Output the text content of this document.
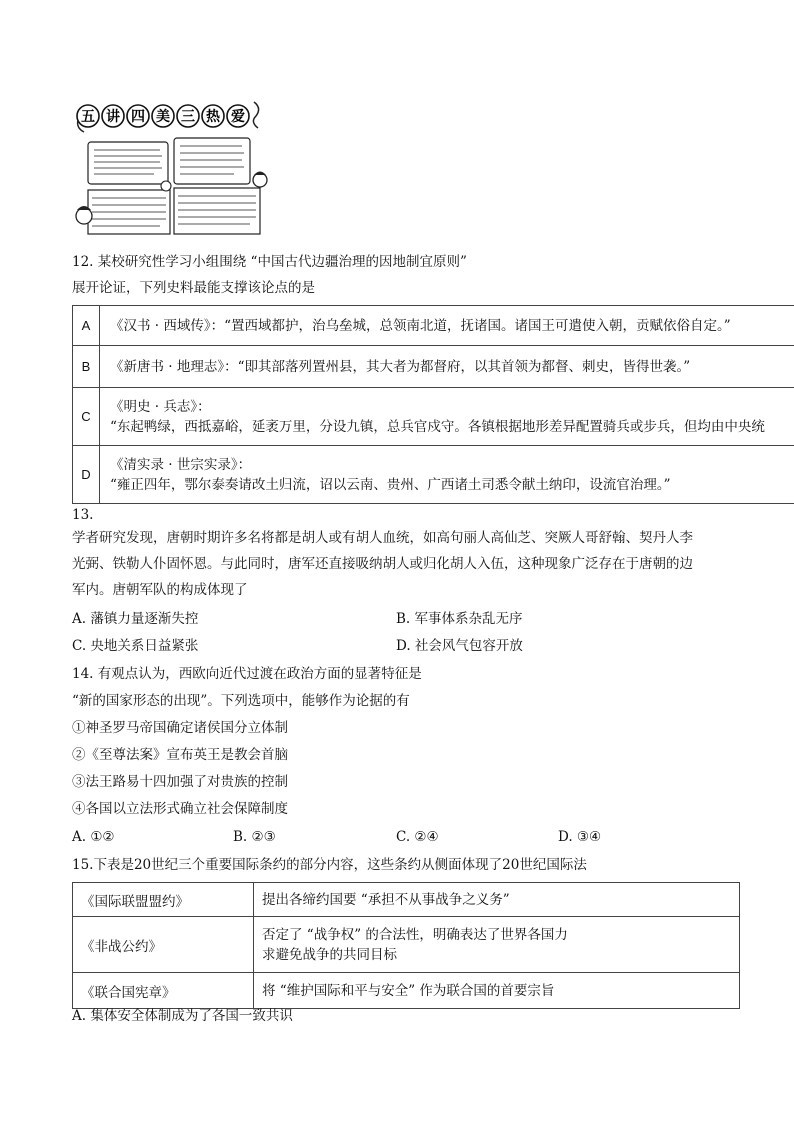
五 讲 四 美 三 热 爱
12. 某校研究性学习小组围绕 “中国古代边疆治理的因地制宜原则”
展开论证，下列史料最能支撑该论点的是
A	《汉书 · 西域传》：“置西域都护，治乌垒城，总领南北道，抚诸国。诸国王可遣使入朝，贡赋依俗自定。”

B	《新唐书 · 地理志》：“即其部落列置州县，其大者为都督府，以其首领为都督、刺史，皆得世袭。”

C	《明史 · 兵志》：
“东起鸭绿，西抵嘉峪，延袤万里，分设九镇，总兵官戍守。各镇根据地形差异配置骑兵或步兵，但均由中央统

D	《清实录 · 世宗实录》：
“雍正四年，鄂尔泰奏请改土归流，诏以云南、贵州、广西诸土司悉令献土纳印，设流官治理。”
13.
学者研究发现，唐朝时期许多名将都是胡人或有胡人血统，如高句丽人高仙芝、突厥人哥舒翰、契丹人李
光弼、铁勒人仆固怀恩。与此同时，唐军还直接吸纳胡人或归化胡人入伍，这种现象广泛存在于唐朝的边
军内。唐朝军队的构成体现了
A. 藩镇力量逐渐失控	B. 军事体系杂乱无序
C. 央地关系日益紧张	D. 社会风气包容开放
14. 有观点认为，西欧向近代过渡在政治方面的显著特征是
“新的国家形态的出现”。下列选项中，能够作为论据的有
①神圣罗马帝国确定诸侯国分立体制
②《至尊法案》宣布英王是教会首脑
③法王路易十四加强了对贵族的控制
④各国以立法形式确立社会保障制度
A. ①②	B. ②③	C. ②④	D. ③④
15.下表是20世纪三个重要国际条约的部分内容，这些条约从侧面体现了20世纪国际法
《国际联盟盟约》	提出各缔约国要 “承担不从事战争之义务”

《非战公约》	否定了 “战争权” 的合法性，明确表达了世界各国力
求避免战争的共同目标

《联合国宪章》	将 “维护国际和平与安全” 作为联合国的首要宗旨
A. 集体安全体制成为了各国一致共识
